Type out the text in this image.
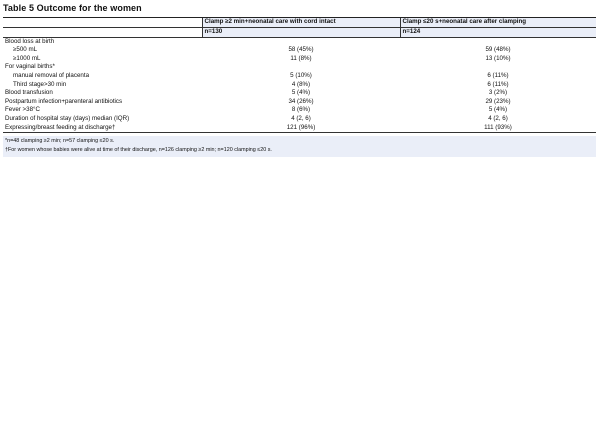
Table 5 Outcome for the women
	Clamp ≥2 min+neonatal care with cord intact	Clamp ≤20 s+neonatal care after clamping
	n=130	n=124
Blood loss at birth		
≥500 mL	58 (45%)	59 (48%)
≥1000 mL	11 (8%)	13 (10%)
For vaginal births*		
manual removal of placenta	5 (10%)	6 (11%)
Third stage>30 min	4 (8%)	6 (11%)
Blood transfusion	5 (4%)	3 (2%)
Postpartum infection+parenteral antibiotics	34 (26%)	29 (23%)
Fever >38°C	8 (6%)	5 (4%)
Duration of hospital stay (days) median (IQR)	4 (2, 6)	4 (2, 6)
Expressing/breast feeding at discharge†	121 (96%)	111 (93%)
*n=48 clamping ≥2 min; n=57 clamping ≤20 s.
†For women whose babies were alive at time of their discharge, n=126 clamping ≥2 min; n=120 clamping ≤20 s.
